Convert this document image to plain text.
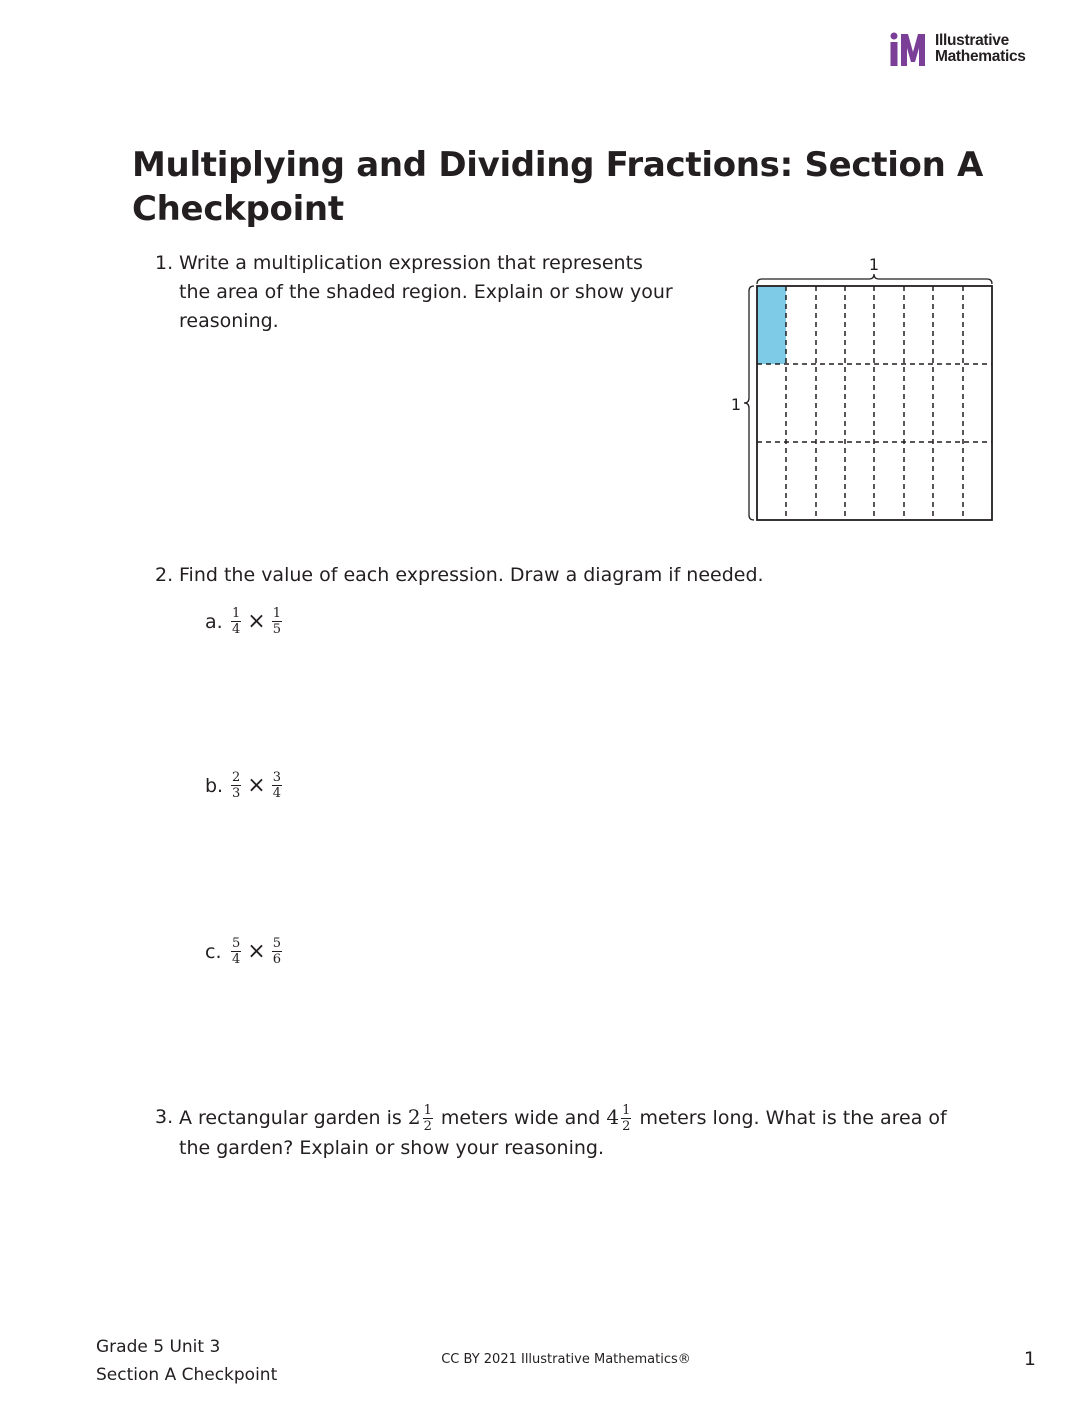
Illustrative
Mathematics
Multiplying and Dividing Fractions: Section A Checkpoint
1. Write a multiplication expression that represents the area of the shaded region. Explain or show your reasoning.
1
1
2. Find the value of each expression. Draw a diagram if needed.
a. $\frac{1}{4} \times \frac{1}{5}$
b. $\frac{2}{3} \times \frac{3}{4}$
c. $\frac{5}{4} \times \frac{5}{6}$
3. A rectangular garden is $2 \frac{1}{2}$ meters wide and $4 \frac{1}{2}$ meters long. What is the area of the garden? Explain or show your reasoning.
Grade 5 Unit 3
Section A Checkpoint
CC BY 2021 Illustrative Mathematics®	1
